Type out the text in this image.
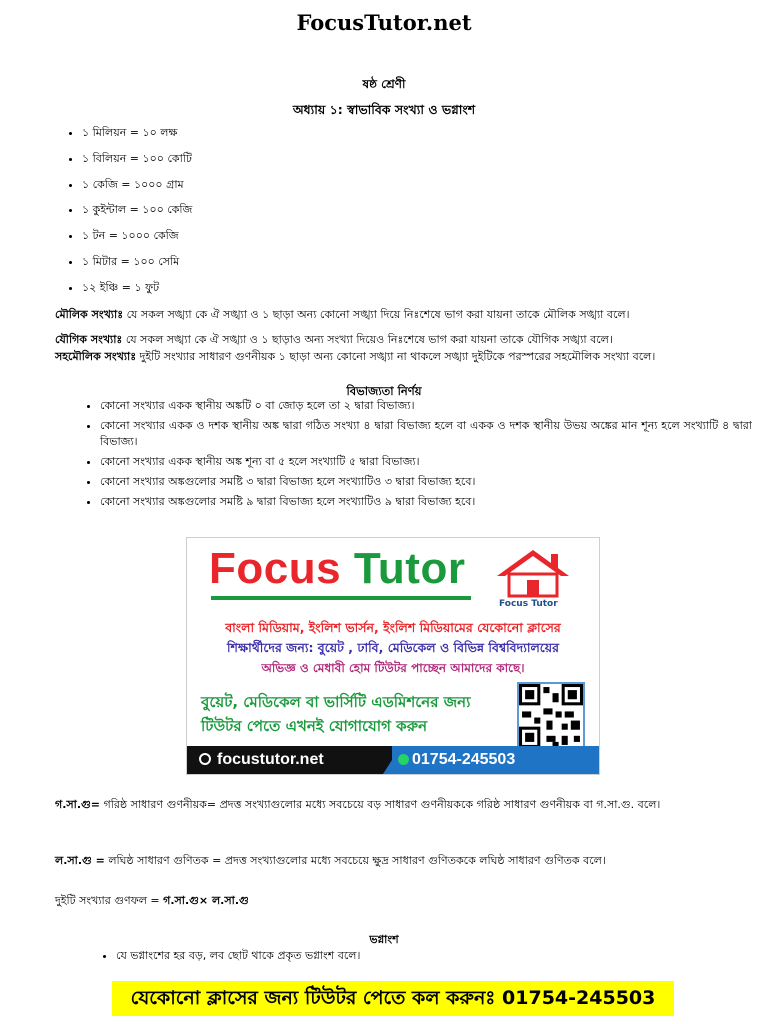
FocusTutor.net
ষষ্ঠ শ্রেণী
অধ্যায় ১: স্বাভাবিক সংখ্যা ও ভগ্নাংশ
• ১ মিলিয়ন = ১০ লক্ষ
• ১ বিলিয়ন = ১০০ কোটি
• ১ কেজি = ১০০০ গ্রাম
• ১ কুইন্টাল = ১০০ কেজি
• ১ টন = ১০০০ কেজি
• ১ মিটার = ১০০ সেমি
• ১২ ইঞ্চি = ১ ফুট
মৌলিক সংখ্যাঃ যে সকল সঙ্খ্যা কে ঐ সঙ্খ্যা ও ১ ছাড়া অন্য কোনো সঙ্খ্যা দিয়ে নিঃশেষে ভাগ করা যায়না তাকে মৌলিক সঙ্খ্যা বলে।
যৌগিক সংখ্যাঃ যে সকল সঙ্খ্যা কে ঐ সঙ্খ্যা ও ১ ছাড়াও অন্য সংখ্যা দিয়েও নিঃশেষে ভাগ করা যায়না তাকে যৌগিক সঙ্খ্যা বলে।
সহমৌলিক সংখ্যাঃ দুইটি সংখ্যার সাধারণ গুণনীয়ক ১ ছাড়া অন্য কোনো সঙ্খ্যা না থাকলে সঙ্খ্যা দুইটিকে পরস্পরের সহমৌলিক সংখ্যা বলে।
বিভাজ্যতা নির্ণয়
• কোনো সংখ্যার একক স্থানীয় অঙ্কটি ০ বা জোড় হলে তা ২ দ্বারা বিভাজ্য।
• কোনো সংখ্যার একক ও দশক স্থানীয় অঙ্ক দ্বারা গঠিত সংখ্যা ৪ দ্বারা বিভাজ্য হলে বা একক ও দশক স্থানীয় উভয় অঙ্কের মান শূন্য হলে সংখ্যাটি ৪ দ্বারা বিভাজ্য।
• কোনো সংখ্যার একক স্থানীয় অঙ্ক শূন্য বা ৫ হলে সংখ্যাটি ৫ দ্বারা বিভাজ্য।
• কোনো সংখ্যার অঙ্কগুলোর সমষ্টি ৩ দ্বারা বিভাজ্য হলে সংখ্যাটিও ৩ দ্বারা বিভাজ্য হবে।
• কোনো সংখ্যার অঙ্কগুলোর সমষ্টি ৯ দ্বারা বিভাজ্য হলে সংখ্যাটিও ৯ দ্বারা বিভাজ্য হবে।
Focus Tutor
Focus Tutor
বাংলা মিডিয়াম, ইংলিশ ভার্সন, ইংলিশ মিডিয়ামের যেকোনো ক্লাসের
শিক্ষার্থীদের জন্য: বুয়েট , ঢাবি, মেডিকেল ও বিভিন্ন বিশ্ববিদ্যালয়ের
অভিজ্ঞ ও মেধাবী হোম টিউটর পাচ্ছেন আমাদের কাছে।
বুয়েট, মেডিকেল বা ভার্সিটি এডমিশনের জন্য
টিউটর পেতে এখনই যোগাযোগ করুন
focustutor.net	01754-245503
গ.সা.গু= গরিষ্ঠ সাধারণ গুণনীয়ক= প্রদত্ত সংখ্যাগুলোর মধ্যে সবচেয়ে বড় সাধারণ গুণনীয়ককে গরিষ্ঠ সাধারণ গুণনীয়ক বা গ.সা.গু. বলে।
ল.সা.গু = লঘিষ্ঠ সাধারণ গুণিতক = প্রদত্ত সংখ্যাগুলোর মধ্যে সবচেয়ে ক্ষুদ্র সাধারণ গুণিতককে লঘিষ্ঠ সাধারণ গুণিতক বলে।
দুইটি সংখ্যার গুণফল = গ.সা.গু× ল.সা.গু
ভগ্নাংশ
• যে ভগ্নাংশের হর বড়, লব ছোট থাকে প্রকৃত ভগ্নাংশ বলে।
যেকোনো ক্লাসের জন্য টিউটর পেতে কল করুনঃ 01754-245503
